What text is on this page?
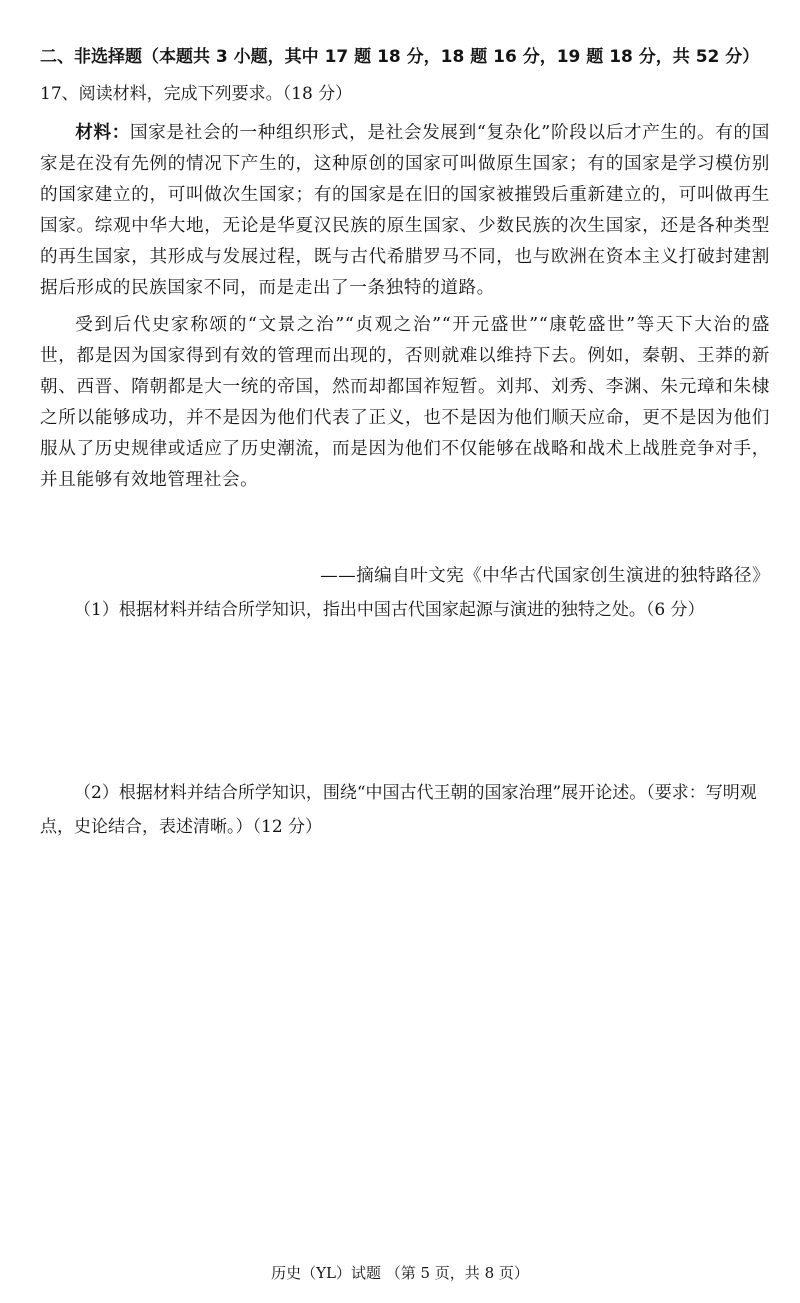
二、非选择题（本题共 3 小题，其中 17 题 18 分，18 题 16 分，19 题 18 分，共 52 分）
17、阅读材料，完成下列要求。（18 分）

材料：国家是社会的一种组织形式，是社会发展到“复杂化”阶段以后才产生的。有的国家是在没有先例的情况下产生的，这种原创的国家可叫做原生国家；有的国家是学习模仿别的国家建立的，可叫做次生国家；有的国家是在旧的国家被摧毁后重新建立的，可叫做再生国家。综观中华大地，无论是华夏汉民族的原生国家、少数民族的次生国家，还是各种类型的再生国家，其形成与发展过程，既与古代希腊罗马不同，也与欧洲在资本主义打破封建割据后形成的民族国家不同，而是走出了一条独特的道路。

受到后代史家称颂的“文景之治”“贞观之治”“开元盛世”“康乾盛世”等天下大治的盛世，都是因为国家得到有效的管理而出现的，否则就难以维持下去。例如，秦朝、王莽的新朝、西晋、隋朝都是大一统的帝国，然而却都国祚短暂。刘邦、刘秀、李渊、朱元璋和朱棣之所以能够成功，并不是因为他们代表了正义，也不是因为他们顺天应命，更不是因为他们服从了历史规律或适应了历史潮流，而是因为他们不仅能够在战略和战术上战胜竞争对手，并且能够有效地管理社会。

——摘编自叶文宪《中华古代国家创生演进的独特路径》
（1）根据材料并结合所学知识，指出中国古代国家起源与演进的独特之处。（6 分）
（2）根据材料并结合所学知识，围绕“中国古代王朝的国家治理”展开论述。（要求：写明观点，史论结合，表述清晰。）（12 分）
历史（YL）试题 （第 5 页，共 8 页）
